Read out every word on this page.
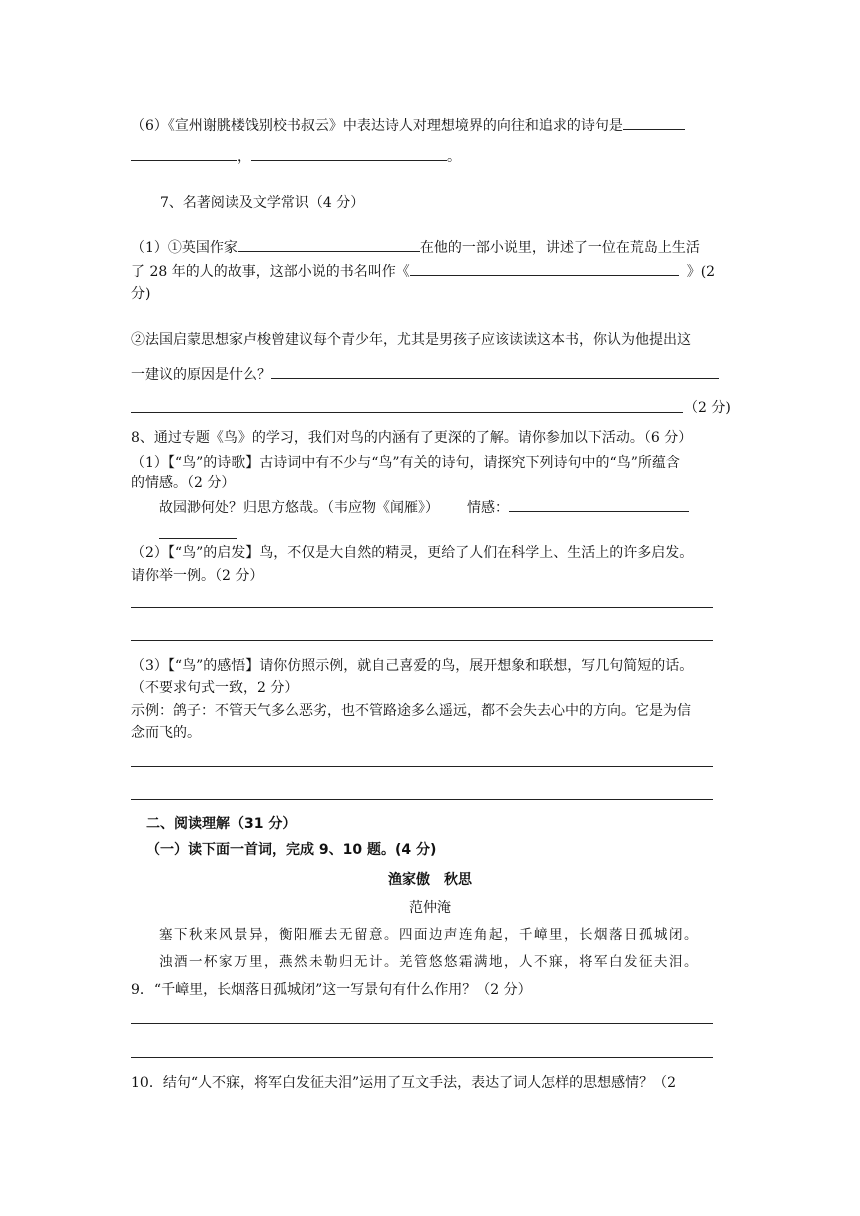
（6）《宣州谢朓楼饯别校书叔云》中表达诗人对理想境界的向往和追求的诗句是
，	。
7、名著阅读及文学常识（4 分）
（1）①英国作家	在他的一部小说里，讲述了一位在荒岛上生活
了 28 年的人的故事，这部小说的书名叫作《	》(2
分)
②法国启蒙思想家卢梭曾建议每个青少年，尤其是男孩子应该读读这本书，你认为他提出这
一建议的原因是什么？
（2 分)
8、通过专题《鸟》的学习，我们对鸟的内涵有了更深的了解。请你参加以下活动。（6 分）
（1）【“鸟”的诗歌】古诗词中有不少与“鸟”有关的诗句，请探究下列诗句中的“鸟”所蕴含
的情感。（2 分）
故园渺何处？归思方悠哉。（韦应物《闻雁》） 情感：
（2）【“鸟”的启发】鸟，不仅是大自然的精灵，更给了人们在科学上、生活上的许多启发。
请你举一例。（2 分）
（3）【“鸟”的感悟】请你仿照示例，就自己喜爱的鸟，展开想象和联想，写几句简短的话。
（不要求句式一致，2 分）
示例：鸽子：不管天气多么恶劣，也不管路途多么遥远，都不会失去心中的方向。它是为信
念而飞的。
二、阅读理解（31 分）
（一）读下面一首词，完成 9、10 题。(4 分)
渔家傲　秋思
范仲淹
塞下秋来风景异，衡阳雁去无留意。四面边声连角起，千嶂里，长烟落日孤城闭。
浊酒一杯家万里，燕然未勒归无计。羌管悠悠霜满地，人不寐，将军白发征夫泪。
9．“千嶂里，长烟落日孤城闭”这一写景句有什么作用？（2 分）
10．结句“人不寐，将军白发征夫泪”运用了互文手法，表达了词人怎样的思想感情？（2
